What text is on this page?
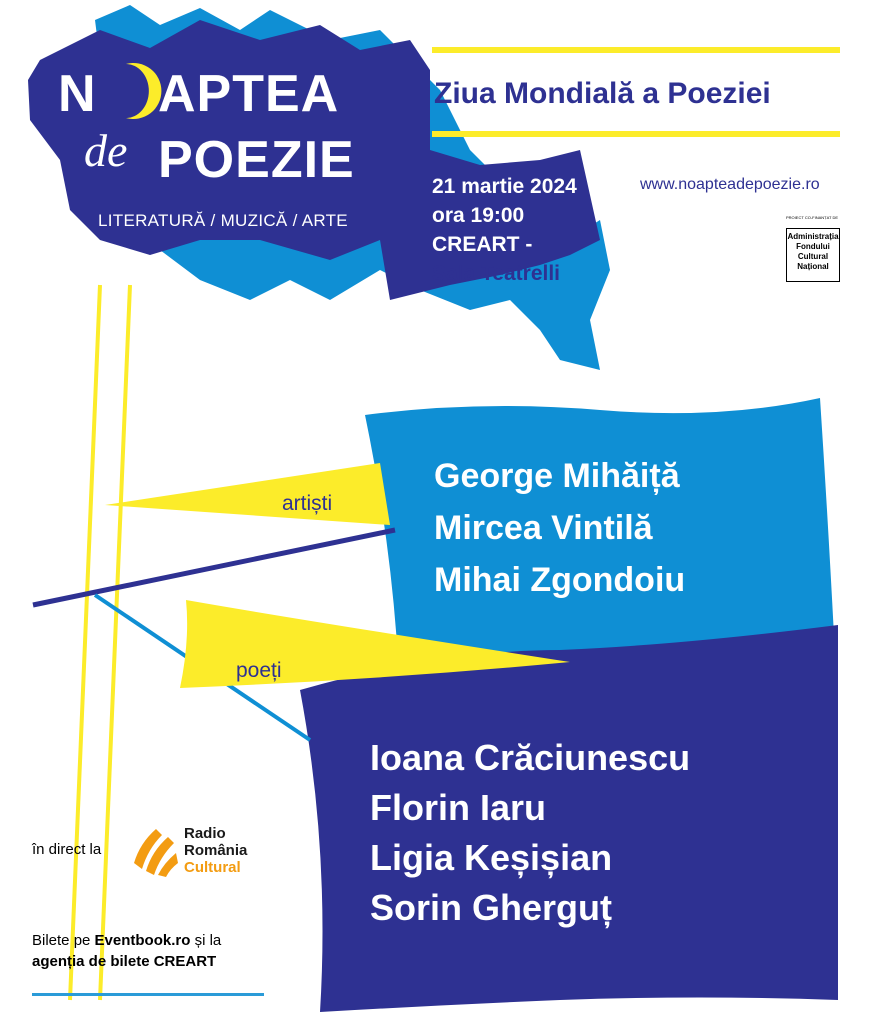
N APTEA
de POEZIE
LITERATURĂ / MUZICĂ / ARTE
Ziua Mondială a Poeziei
21 martie 2024
ora 19:00
CREART -
Sala Teatrelli
www.noapteadepoezie.ro
PROIECT CO-FINANȚAT DE
Administrația
Fondului
Cultural
Național
artiști
George Mihăiță
Mircea Vintilă
Mihai Zgondoiu
poeți
Ioana Crăciunescu
Florin Iaru
Ligia Keșișian
Sorin Gherguț
în direct la
Radio
România
Cultural
Bilete pe Eventbook.ro și la
agenția de bilete CREART
